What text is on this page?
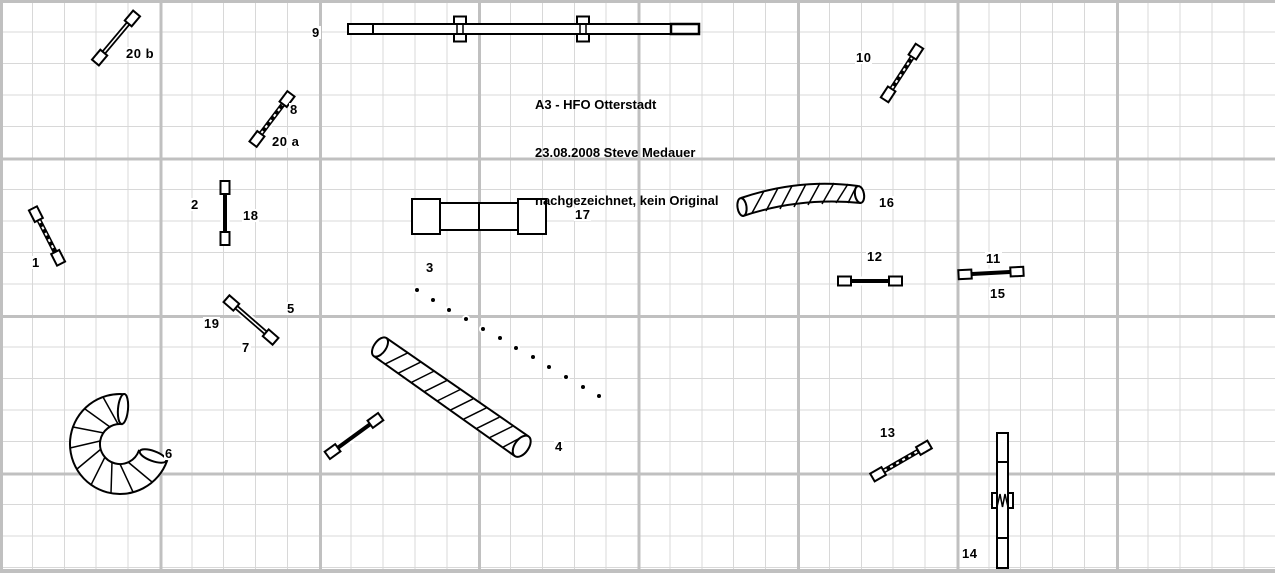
1
2
3
4
5
6
7
8
9
10
11
12
13
14
15
16
17
18
19
20 a
20 b

A3 - HFO Otterstadt

23.08.2008 Steve Medauer

nachgezeichnet, kein Original
